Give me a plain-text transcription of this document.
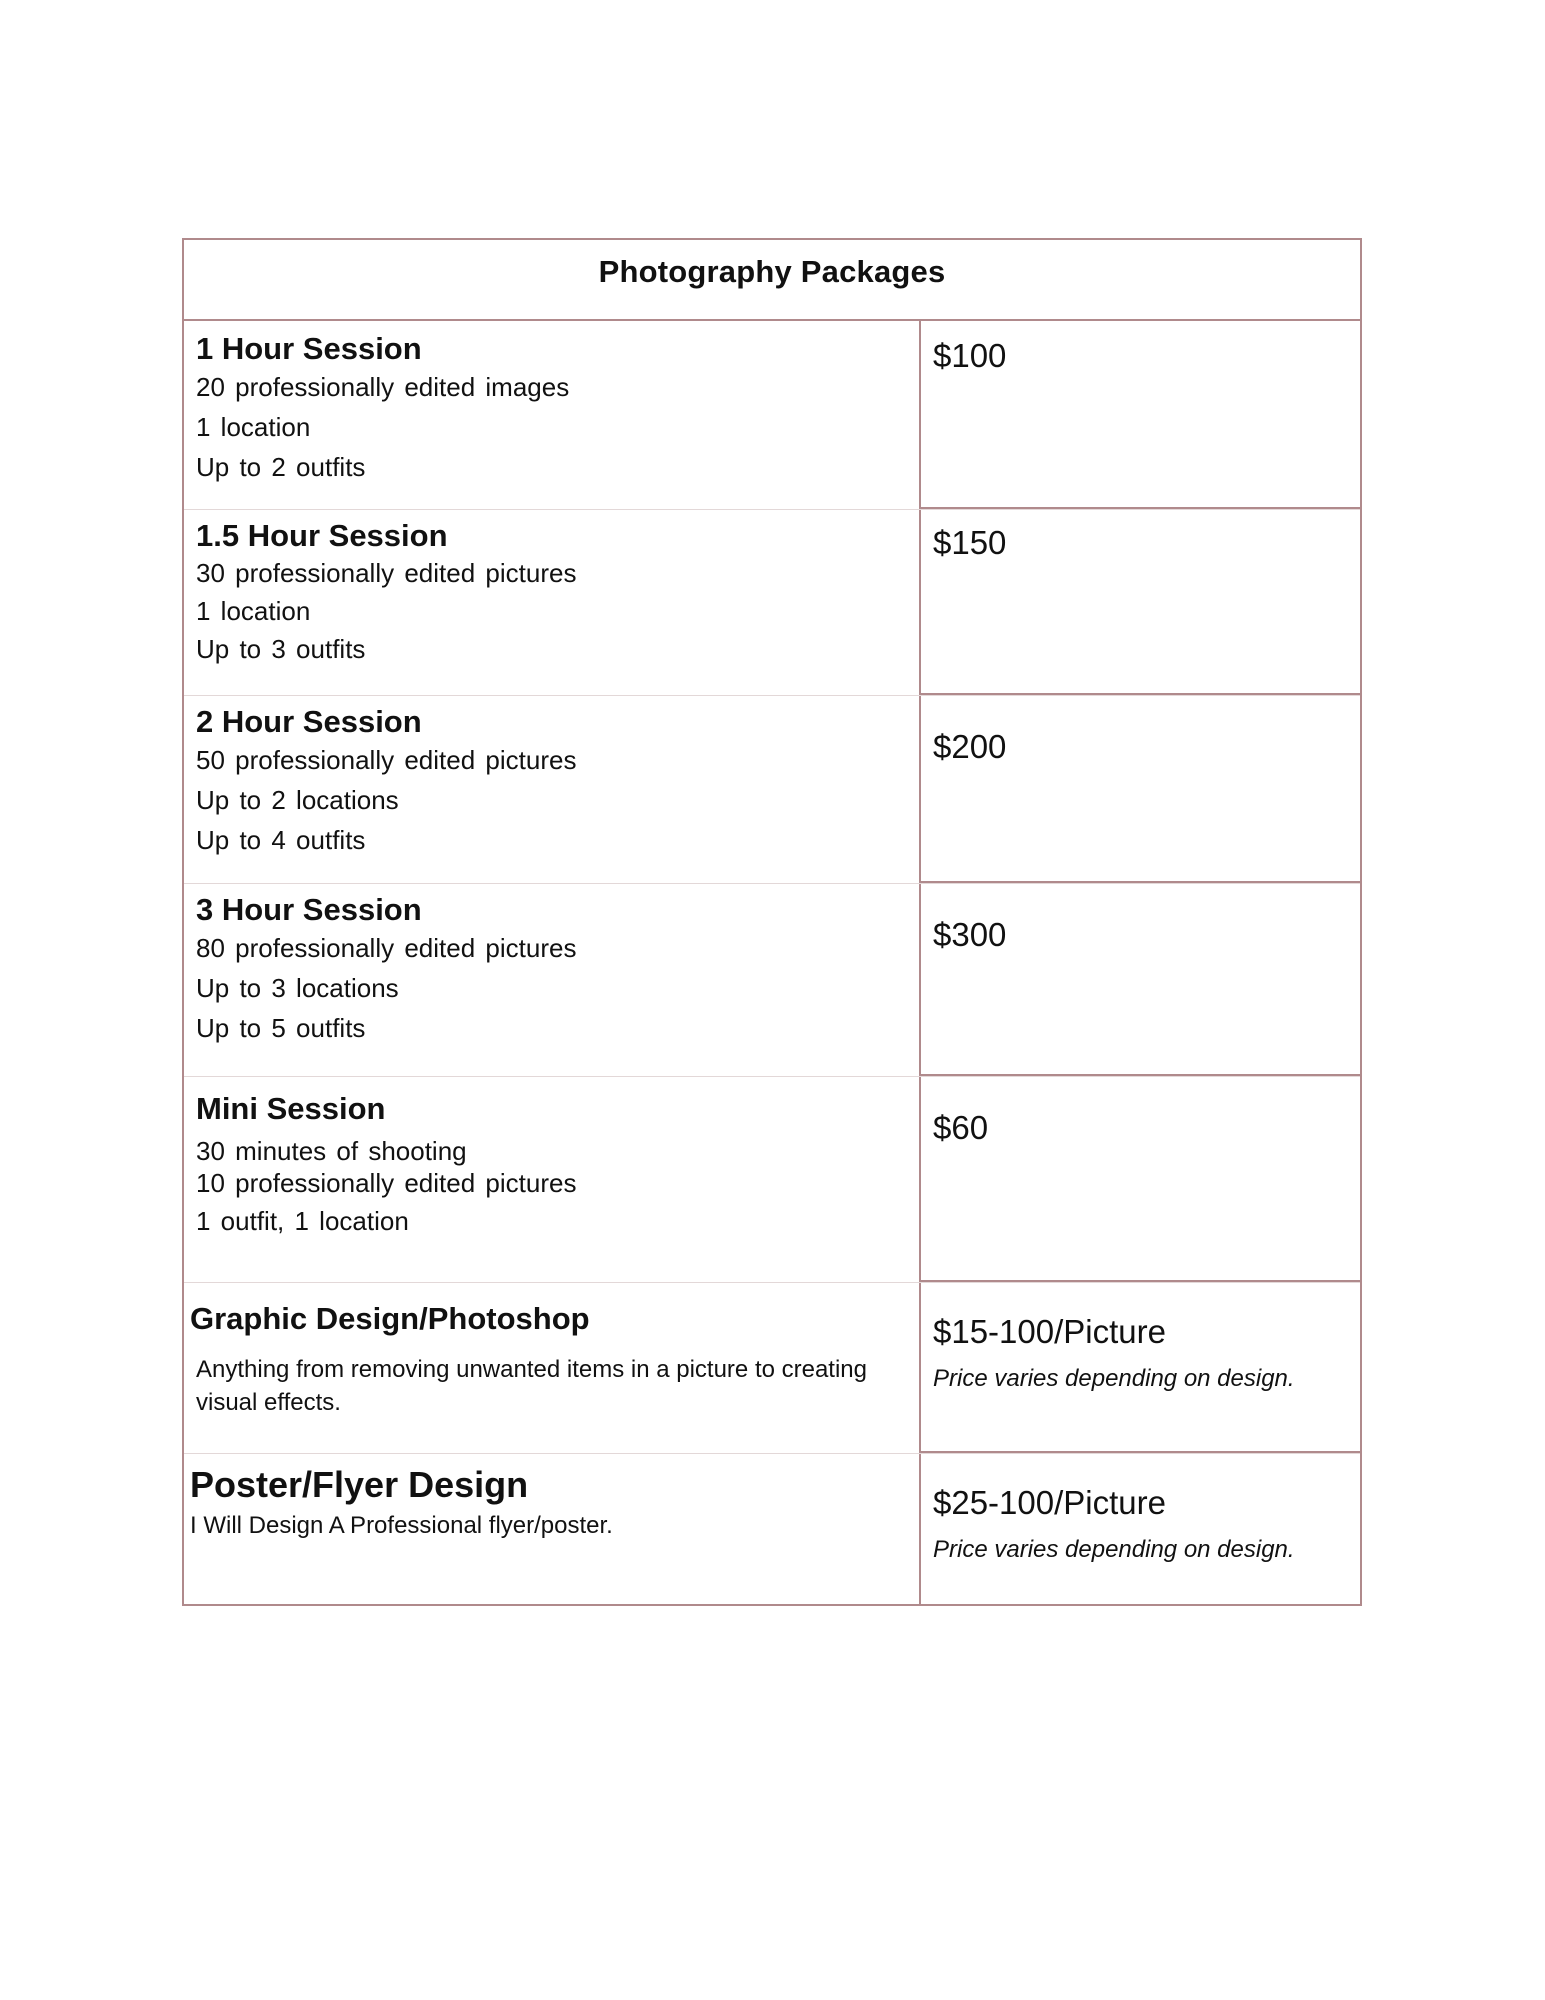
Photography Packages
1 Hour Session
20 professionally edited images
1 location
Up to 2 outfits
$100
1.5 Hour Session
30 professionally edited pictures
1 location
Up to 3 outfits
$150
2 Hour Session
50 professionally edited pictures
Up to 2 locations
Up to 4 outfits
$200
3 Hour Session
80 professionally edited pictures
Up to 3 locations
Up to 5 outfits
$300
Mini Session
30 minutes of shooting
10 professionally edited pictures
1 outfit, 1 location
$60
Graphic Design/Photoshop
Anything from removing unwanted items in a picture to creating visual effects.
$15-100/Picture
Price varies depending on design.
Poster/Flyer Design
I Will Design A Professional flyer/poster.
$25-100/Picture
Price varies depending on design.
